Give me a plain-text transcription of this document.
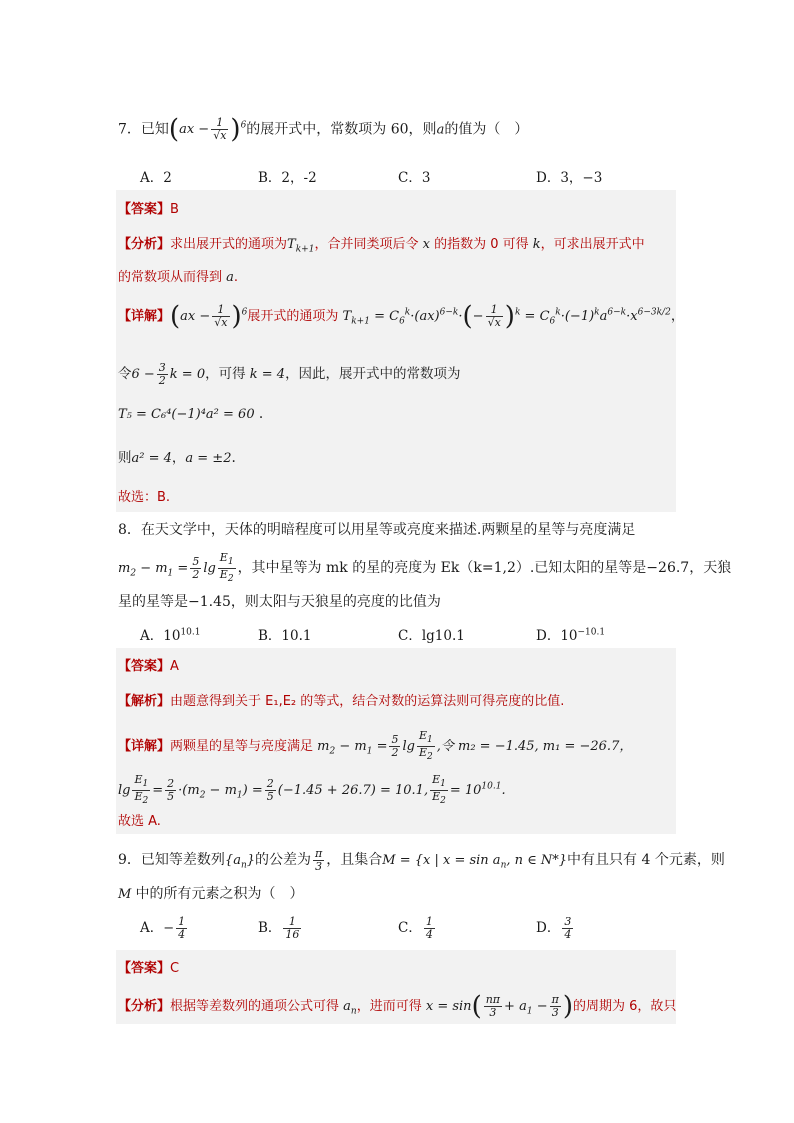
7．已知$(ax - \frac{1}{√x} )^6$的展开式中，常数项为 60，则a的值为（　）
A．2	B．2，-2	C．3	D．3，−3
【答案】B
【分析】求出展开式的通项为$T_{k+1}$，合并同类项后令 x 的指数为 0 可得 k，可求出展开式中
的常数项从而得到 a.
【详解】$(ax - \frac{1}{√x} )^6$展开式的通项为 $T_{k+1} = C_6^k\cdot(ax)^{6-k}\cdot(- \frac{1}{√x} )^k = C_6^k\cdot(-1)^ka^{6-k}\cdot x^{6-3k/2}$，
令$6 - \frac{3}{2}$ k = 0，可得 k = 4，因此，展开式中的常数项为
T₅ = C₆⁴(−1)⁴a² = 60 .
则a² = 4，a = ±2.
故选：B.
8．在天文学中，天体的明暗程度可以用星等或亮度来描述.两颗星的星等与亮度满足
$m_2 - m_1 = \frac{5}{2}$ $\lg \frac{E_1}{E_2}$ ，其中星等为 mk 的星的亮度为 Ek（k=1,2）.已知太阳的星等是−26.7，天狼
星的星等是−1.45，则太阳与天狼星的亮度的比值为
A．$10^{10.1}$	B．10.1	C．lg10.1	D．$10^{-10.1}$
【答案】A
【解析】由题意得到关于 E₁,E₂ 的等式，结合对数的运算法则可得亮度的比值.
【详解】两颗星的星等与亮度满足 $m_2 - m_1 = \frac{5}{2}$ $\lg \frac{E_1}{E_2}$ ,令 m₂ = −1.45, m₁ = −26.7，
$\lg \frac{E_1}{E_2} = \frac{2}{5} \cdot(m_2 - m_1) = \frac{2}{5} (-1.45 + 26.7) = 10.1$, $\frac{E_1}{E_2} = 10^{10.1}$.
故选 A.
9．已知等差数列$\{a_n\}$的公差为 $\frac{\pi}{3}$ ，且集合M = {x | $x = \sin a_n$, n ∈ N*}中有且只有 4 个元素，则
M 中的所有元素之积为（　）
A．− $\frac{1}{4}$	B． $\frac{1}{16}$	C． $\frac{1}{4}$	D． $\frac{3}{4}$
【答案】C
【分析】根据等差数列的通项公式可得 $a_n$，进而可得 $x = \sin( \frac{n\pi}{3} + a_1 - \frac{\pi}{3}$ )的周期为 6，故只
